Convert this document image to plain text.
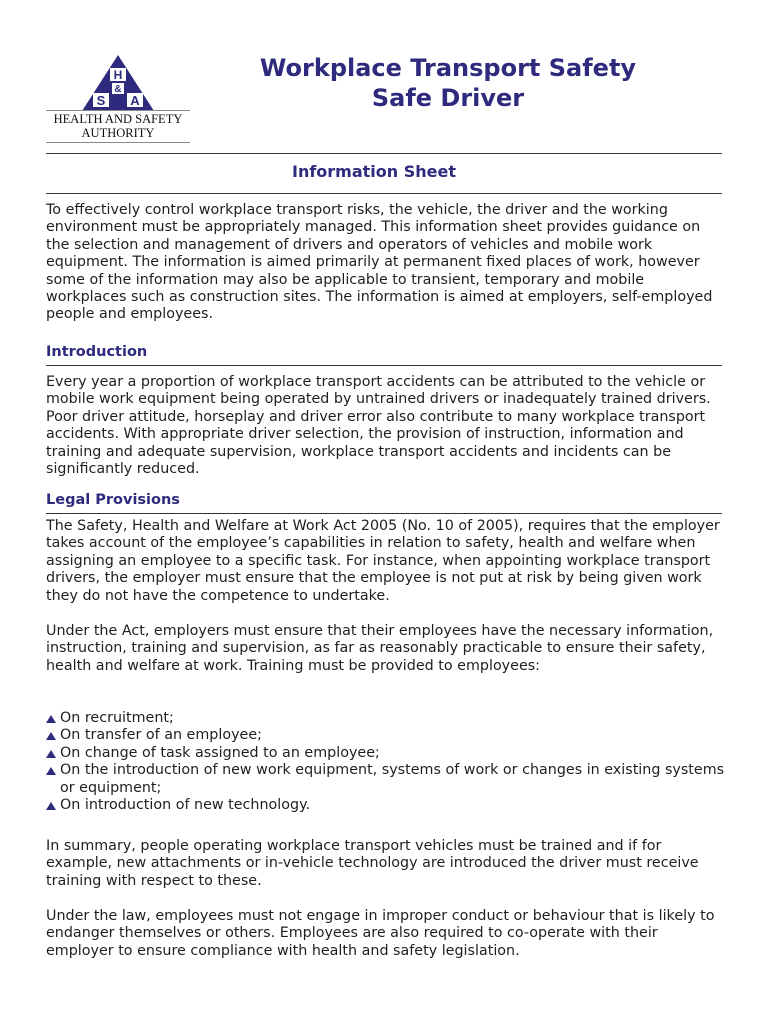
H
S
&
A
HEALTH AND SAFETY
AUTHORITY
Workplace Transport Safety
Safe Driver
Information Sheet

To effectively control workplace transport risks, the vehicle, the driver and the working environment must be appropriately managed. This information sheet provides guidance on the selection and management of drivers and operators of vehicles and mobile work equipment. The information is aimed primarily at permanent fixed places of work, however some of the information may also be applicable to transient, temporary and mobile workplaces such as construction sites. The information is aimed at employers, self-employed people and employees.

Introduction

Every year a proportion of workplace transport accidents can be attributed to the vehicle or mobile work equipment being operated by untrained drivers or inadequately trained drivers. Poor driver attitude, horseplay and driver error also contribute to many workplace transport accidents. With appropriate driver selection, the provision of instruction, information and training and adequate supervision, workplace transport accidents and incidents can be significantly reduced.

Legal Provisions

The Safety, Health and Welfare at Work Act 2005 (No. 10 of 2005), requires that the employer takes account of the employee’s capabilities in relation to safety, health and welfare when assigning an employee to a specific task. For instance, when appointing workplace transport drivers, the employer must ensure that the employee is not put at risk by being given work they do not have the competence to undertake.

Under the Act, employers must ensure that their employees have the necessary information, instruction, training and supervision, as far as reasonably practicable to ensure their safety, health and welfare at work. Training must be provided to employees:

On recruitment;
On transfer of an employee;
On change of task assigned to an employee;
On the introduction of new work equipment, systems of work or changes in existing systems or equipment;
On introduction of new technology.

In summary, people operating workplace transport vehicles must be trained and if for example, new attachments or in-vehicle technology are introduced the driver must receive training with respect to these.

Under the law, employees must not engage in improper conduct or behaviour that is likely to endanger themselves or others. Employees are also required to co-operate with their employer to ensure compliance with health and safety legislation.
